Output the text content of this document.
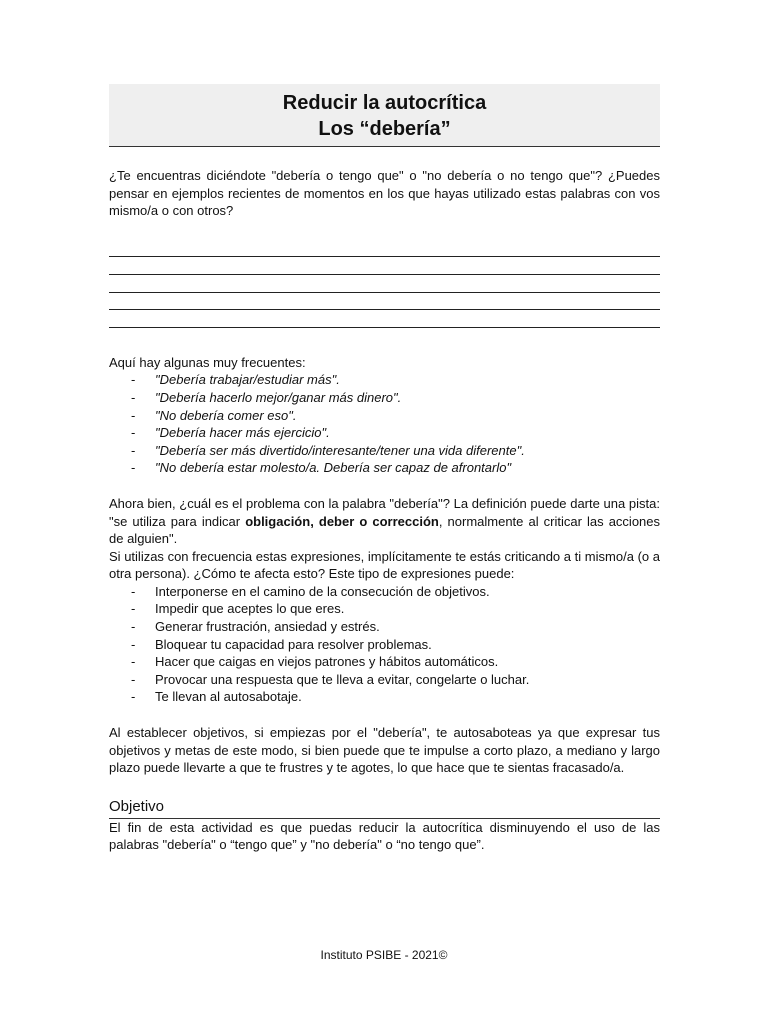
Reducir la autocrítica
Los “debería”

¿Te encuentras diciéndote "debería o tengo que" o "no debería o no tengo que"? ¿Puedes pensar en ejemplos recientes de momentos en los que hayas utilizado estas palabras con vos mismo/a o con otros?

Aquí hay algunas muy frecuentes:

- "Debería trabajar/estudiar más".
- "Debería hacerlo mejor/ganar más dinero".
- "No debería comer eso".
- "Debería hacer más ejercicio".
- "Debería ser más divertido/interesante/tener una vida diferente".
- "No debería estar molesto/a. Debería ser capaz de afrontarlo"

Ahora bien, ¿cuál es el problema con la palabra "debería"? La definición puede darte una pista: "se utiliza para indicar obligación, deber o corrección, normalmente al criticar las acciones de alguien".

Si utilizas con frecuencia estas expresiones, implícitamente te estás criticando a ti mismo/a (o a otra persona). ¿Cómo te afecta esto? Este tipo de expresiones puede:

- Interponerse en el camino de la consecución de objetivos.
- Impedir que aceptes lo que eres.
- Generar frustración, ansiedad y estrés.
- Bloquear tu capacidad para resolver problemas.
- Hacer que caigas en viejos patrones y hábitos automáticos.
- Provocar una respuesta que te lleva a evitar, congelarte o luchar.
- Te llevan al autosabotaje.

Al establecer objetivos, si empiezas por el "debería", te autosaboteas ya que expresar tus objetivos y metas de este modo, si bien puede que te impulse a corto plazo, a mediano y largo plazo puede llevarte a que te frustres y te agotes, lo que hace que te sientas fracasado/a.

Objetivo

El fin de esta actividad es que puedas reducir la autocrítica disminuyendo el uso de las palabras "debería" o “tengo que” y "no debería" o “no tengo que”.

Instituto PSIBE - 2021©
